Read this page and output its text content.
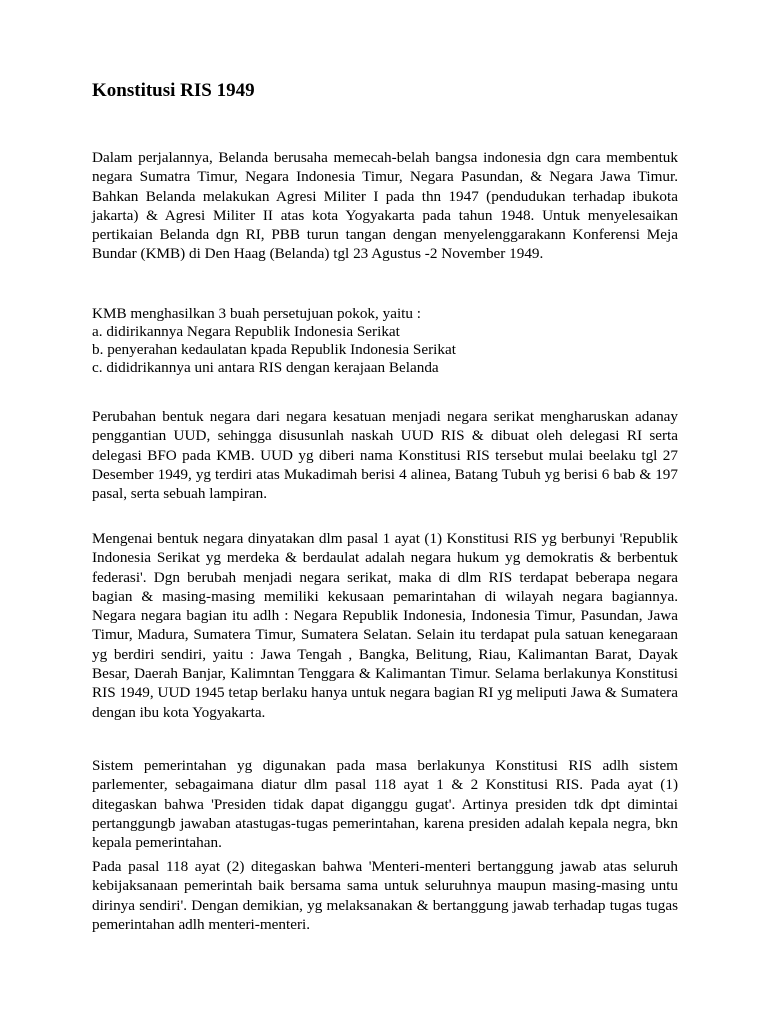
Konstitusi RIS 1949

Dalam perjalannya, Belanda berusaha memecah-belah bangsa indonesia dgn cara membentuk negara Sumatra Timur, Negara Indonesia Timur, Negara Pasundan, & Negara Jawa Timur. Bahkan Belanda melakukan Agresi Militer I pada thn 1947 (pendudukan terhadap ibukota jakarta) & Agresi Militer II atas kota Yogyakarta pada tahun 1948. Untuk menyelesaikan pertikaian Belanda dgn RI, PBB turun tangan dengan menyelenggarakann Konferensi Meja Bundar (KMB) di Den Haag (Belanda) tgl 23 Agustus -2 November 1949.

KMB menghasilkan 3 buah persetujuan pokok, yaitu :

a. didirikannya Negara Republik Indonesia Serikat

b. penyerahan kedaulatan kpada Republik Indonesia Serikat

c. dididrikannya uni antara RIS dengan kerajaan Belanda

Perubahan bentuk negara dari negara kesatuan menjadi negara serikat mengharuskan adanay penggantian UUD, sehingga disusunlah naskah UUD RIS & dibuat oleh delegasi RI serta delegasi BFO pada KMB. UUD yg diberi nama Konstitusi RIS tersebut mulai beelaku tgl 27 Desember 1949, yg terdiri atas Mukadimah berisi 4 alinea, Batang Tubuh yg berisi 6 bab & 197 pasal, serta sebuah lampiran.

Mengenai bentuk negara dinyatakan dlm pasal 1 ayat (1) Konstitusi RIS yg berbunyi 'Republik Indonesia Serikat yg merdeka & berdaulat adalah negara hukum yg demokratis & berbentuk federasi'. Dgn berubah menjadi negara serikat, maka di dlm RIS terdapat beberapa negara bagian & masing-masing memiliki kekusaan pemarintahan di wilayah negara bagiannya. Negara negara bagian itu adlh : Negara Republik Indonesia, Indonesia Timur, Pasundan, Jawa Timur, Madura, Sumatera Timur, Sumatera Selatan. Selain itu terdapat pula satuan kenegaraan yg berdiri sendiri, yaitu : Jawa Tengah , Bangka, Belitung, Riau, Kalimantan Barat, Dayak Besar, Daerah Banjar, Kalimntan Tenggara & Kalimantan Timur. Selama berlakunya Konstitusi RIS 1949, UUD 1945 tetap berlaku hanya untuk negara bagian RI yg meliputi Jawa & Sumatera dengan ibu kota Yogyakarta.

Sistem pemerintahan yg digunakan pada masa berlakunya Konstitusi RIS adlh sistem parlementer, sebagaimana diatur dlm pasal 118 ayat 1 & 2 Konstitusi RIS. Pada ayat (1) ditegaskan bahwa 'Presiden tidak dapat diganggu gugat'. Artinya presiden tdk dpt dimintai pertanggungb jawaban atastugas-tugas pemerintahan, karena presiden adalah kepala negra, bkn kepala pemerintahan.

Pada pasal 118 ayat (2) ditegaskan bahwa 'Menteri-menteri bertanggung jawab atas seluruh kebijaksanaan pemerintah baik bersama sama untuk seluruhnya maupun masing-masing untu dirinya sendiri'. Dengan demikian, yg melaksanakan & bertanggung jawab terhadap tugas tugas pemerintahan adlh menteri-menteri.
